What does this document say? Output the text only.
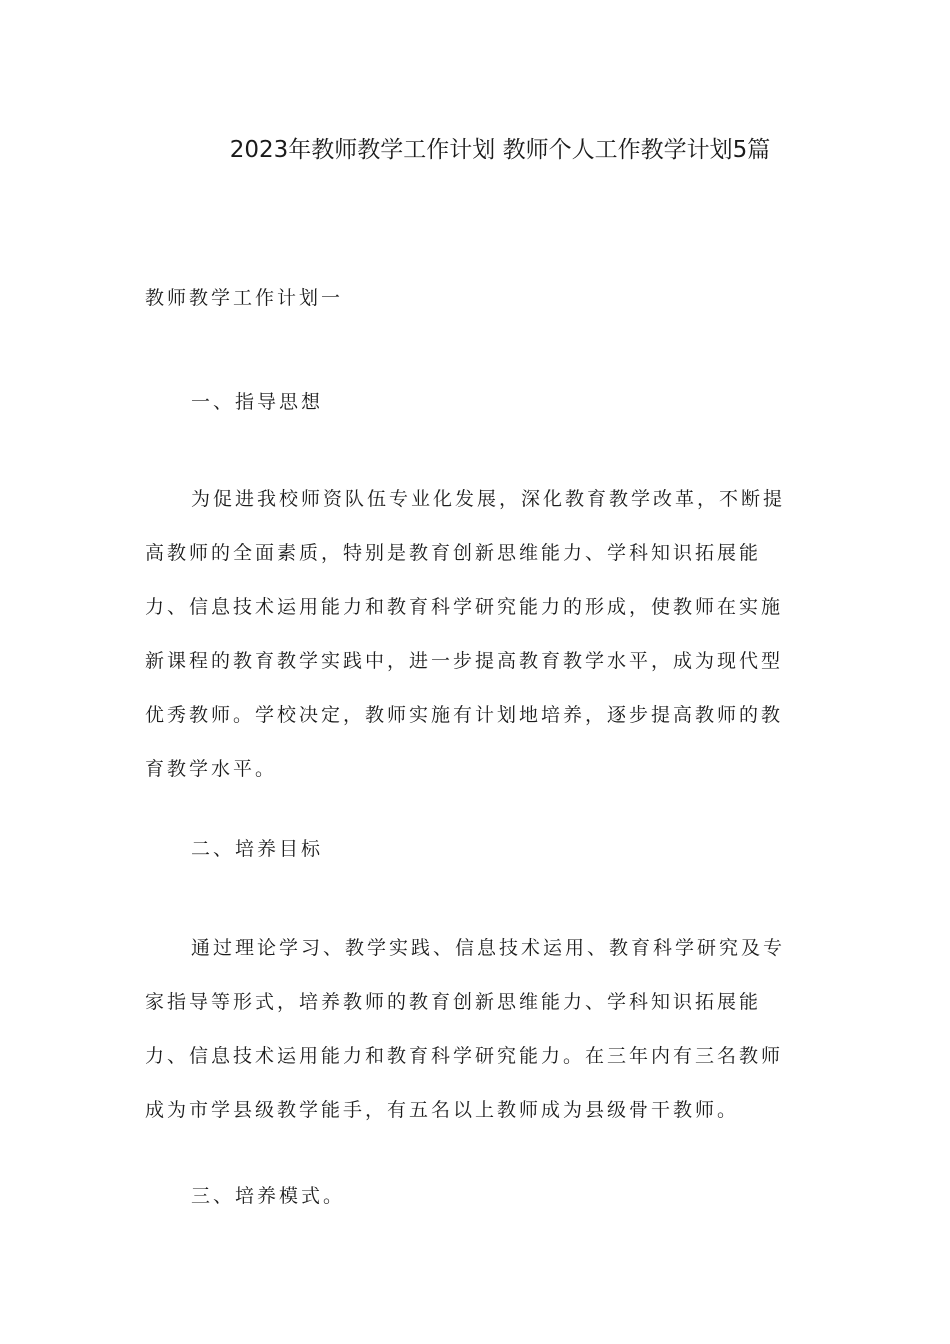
2023年教师教学工作计划 教师个人工作教学计划5篇
教师教学工作计划一
一、指导思想
为促进我校师资队伍专业化发展，深化教育教学改革，不断提
高教师的全面素质，特别是教育创新思维能力、学科知识拓展能
力、信息技术运用能力和教育科学研究能力的形成，使教师在实施
新课程的教育教学实践中，进一步提高教育教学水平，成为现代型
优秀教师。学校决定，教师实施有计划地培养，逐步提高教师的教
育教学水平。
二、培养目标
通过理论学习、教学实践、信息技术运用、教育科学研究及专
家指导等形式，培养教师的教育创新思维能力、学科知识拓展能
力、信息技术运用能力和教育科学研究能力。在三年内有三名教师
成为市学县级教学能手，有五名以上教师成为县级骨干教师。
三、培养模式。
